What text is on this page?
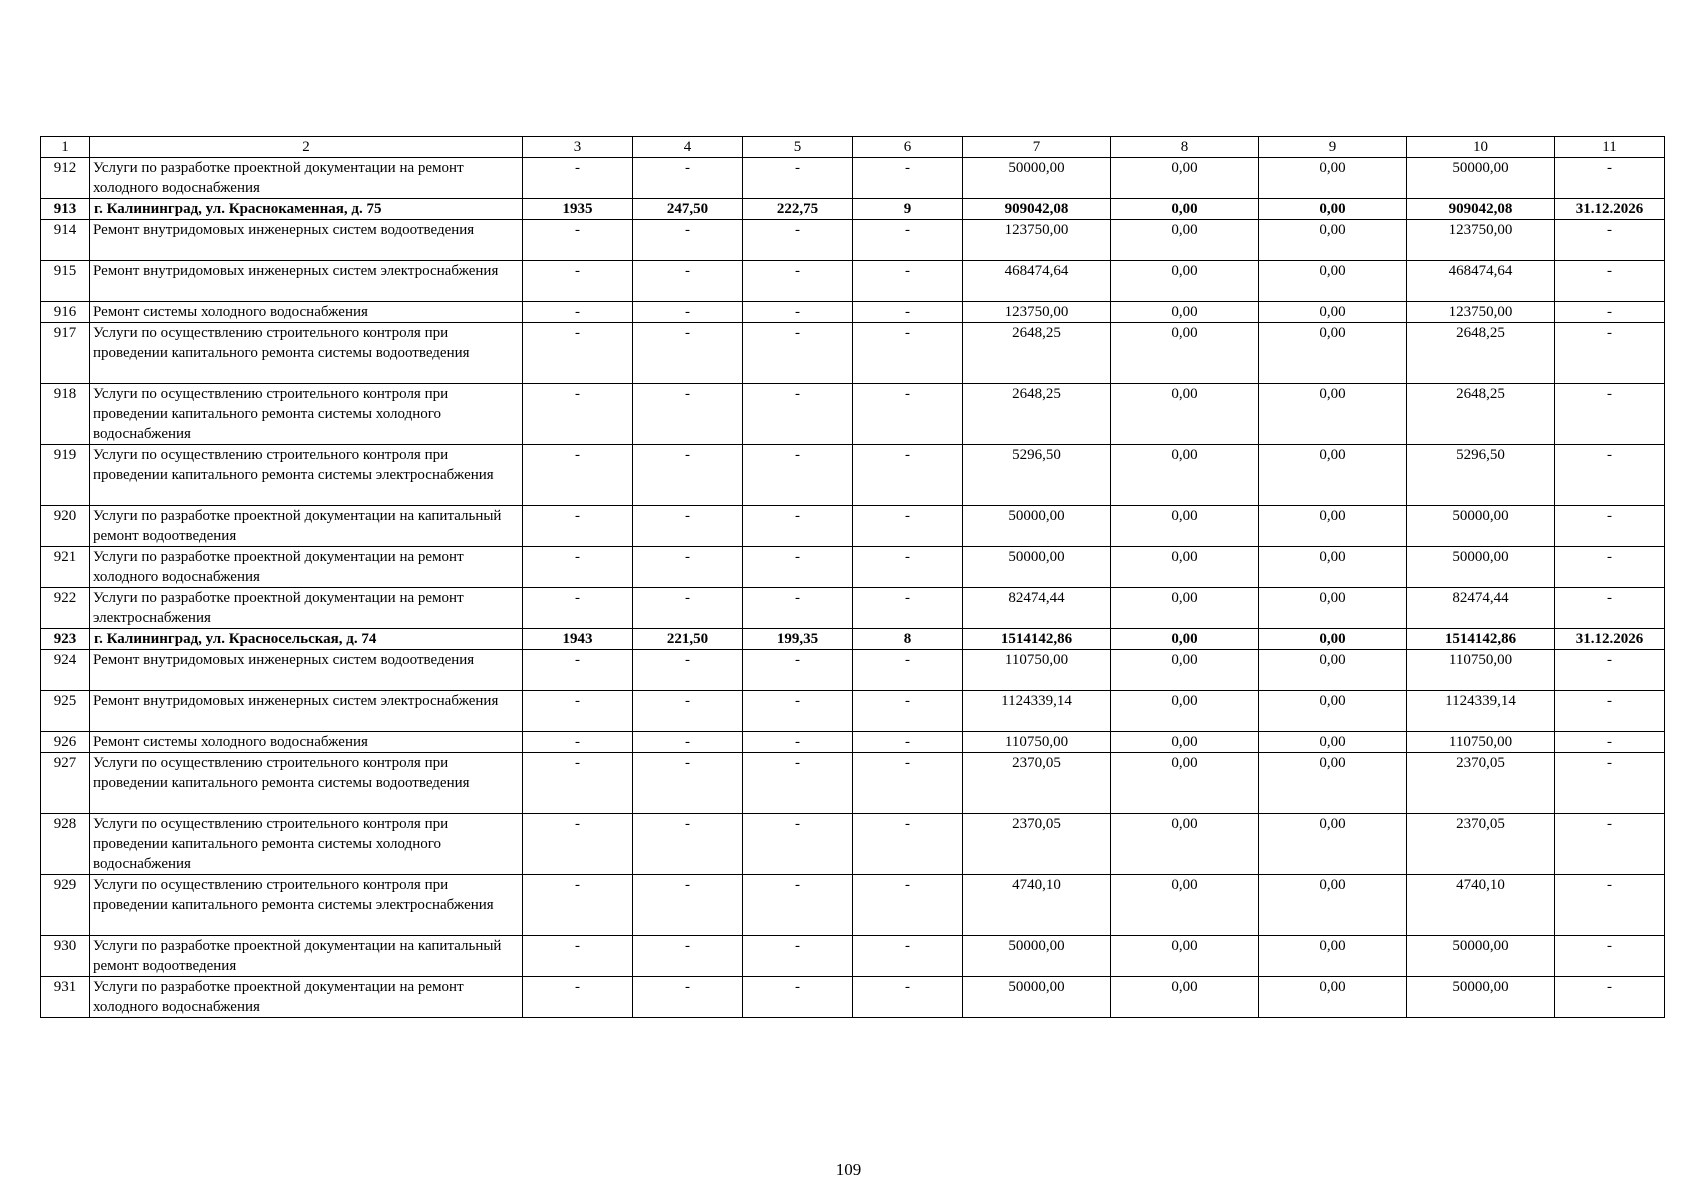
1	2	3	4	5	6	7	8	9	10	11
912	Услуги по разработке проектной документации на ремонт холодного водоснабжения	-	-	-	-	50000,00	0,00	0,00	50000,00	-
913	г. Калининград, ул. Краснокаменная, д. 75	1935	247,50	222,75	9	909042,08	0,00	0,00	909042,08	31.12.2026
914	Ремонт внутридомовых инженерных систем водоотведения	-	-	-	-	123750,00	0,00	0,00	123750,00	-
915	Ремонт внутридомовых инженерных систем электроснабжения	-	-	-	-	468474,64	0,00	0,00	468474,64	-
916	Ремонт системы холодного водоснабжения	-	-	-	-	123750,00	0,00	0,00	123750,00	-
917	Услуги по осуществлению строительного контроля при проведении капитального ремонта системы водоотведения	-	-	-	-	2648,25	0,00	0,00	2648,25	-
918	Услуги по осуществлению строительного контроля при проведении капитального ремонта системы холодного водоснабжения	-	-	-	-	2648,25	0,00	0,00	2648,25	-
919	Услуги по осуществлению строительного контроля при проведении капитального ремонта системы электроснабжения	-	-	-	-	5296,50	0,00	0,00	5296,50	-
920	Услуги по разработке проектной документации на капитальный ремонт водоотведения	-	-	-	-	50000,00	0,00	0,00	50000,00	-
921	Услуги по разработке проектной документации на ремонт холодного водоснабжения	-	-	-	-	50000,00	0,00	0,00	50000,00	-
922	Услуги по разработке проектной документации на ремонт электроснабжения	-	-	-	-	82474,44	0,00	0,00	82474,44	-
923	г. Калининград, ул. Красносельская, д. 74	1943	221,50	199,35	8	1514142,86	0,00	0,00	1514142,86	31.12.2026
924	Ремонт внутридомовых инженерных систем водоотведения	-	-	-	-	110750,00	0,00	0,00	110750,00	-
925	Ремонт внутридомовых инженерных систем электроснабжения	-	-	-	-	1124339,14	0,00	0,00	1124339,14	-
926	Ремонт системы холодного водоснабжения	-	-	-	-	110750,00	0,00	0,00	110750,00	-
927	Услуги по осуществлению строительного контроля при проведении капитального ремонта системы водоотведения	-	-	-	-	2370,05	0,00	0,00	2370,05	-
928	Услуги по осуществлению строительного контроля при проведении капитального ремонта системы холодного водоснабжения	-	-	-	-	2370,05	0,00	0,00	2370,05	-
929	Услуги по осуществлению строительного контроля при проведении капитального ремонта системы электроснабжения	-	-	-	-	4740,10	0,00	0,00	4740,10	-
930	Услуги по разработке проектной документации на капитальный ремонт водоотведения	-	-	-	-	50000,00	0,00	0,00	50000,00	-
931	Услуги по разработке проектной документации на ремонт холодного водоснабжения	-	-	-	-	50000,00	0,00	0,00	50000,00	-
109
